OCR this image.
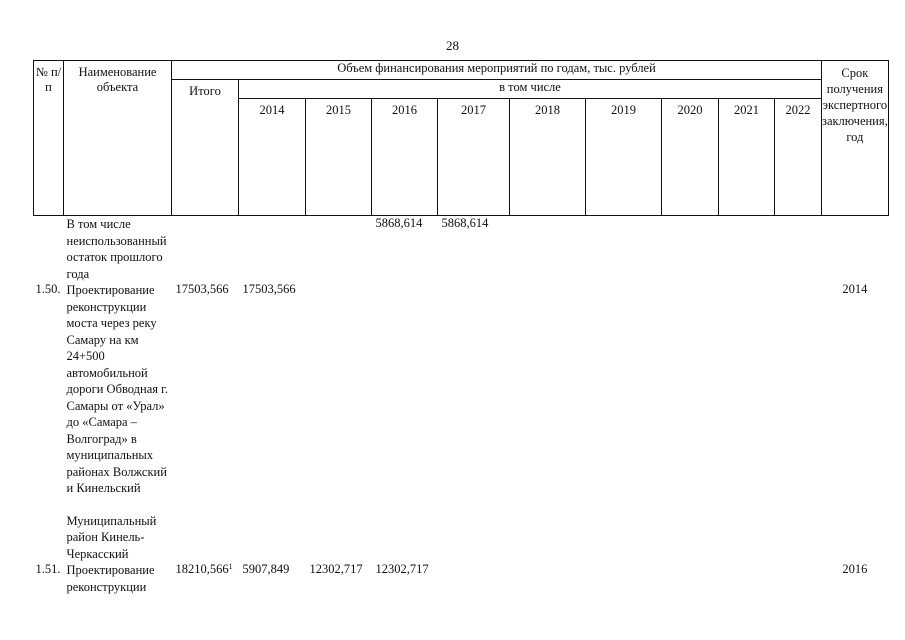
28
№ п/п	Наименование объекта	Объем финансирования мероприятий по годам, тыс. рублей										Срок получения экспертного заключения, год
		Итого	в том числе									
			2014	2015	2016	2017	2018	2019	2020	2021	2022	
	В том числе неиспользованный остаток прошлого года				5868,614	5868,614						
1.50.	Проектирование реконструкции моста через реку Самару на км 24+500 автомобильной дороги Обводная г. Самары от «Урал» до «Самара – Волгоград» в муниципальных районах Волжский и Кинельский	17503,566	17503,566									2014
	Муниципальный район Кинель-Черкасский											
1.51.	Проектирование реконструкции	18210,566$^1$	5907,849	12302,717	12302,717							2016
